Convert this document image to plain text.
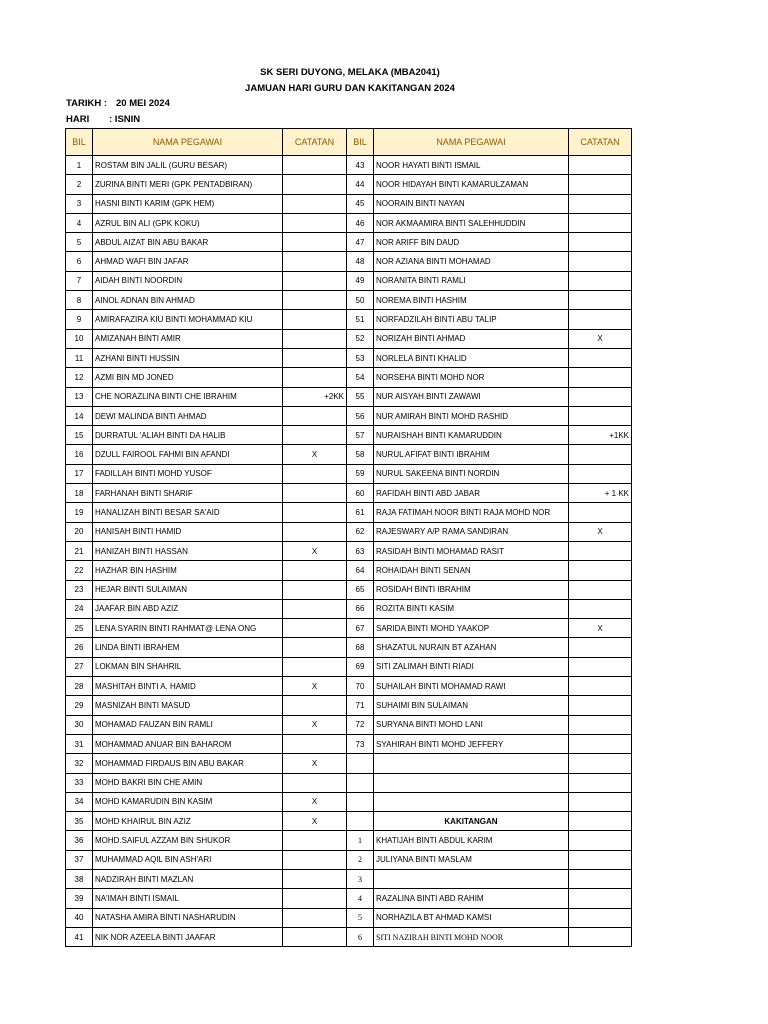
SK SERI DUYONG, MELAKA (MBA2041)
JAMUAN HARI GURU DAN KAKITANGAN 2024
TARIKH : 20 MEI 2024
HARI : ISNIN
BIL	NAMA PEGAWAI	CATATAN	BIL	NAMA PEGAWAI	CATATAN
1	ROSTAM BIN JALIL (GURU BESAR)		43	NOOR HAYATI BINTI ISMAIL	
2	ZURINA BINTI MERI (GPK PENTADBIRAN)		44	NOOR HIDAYAH BINTI KAMARULZAMAN	
3	HASNI BINTI KARIM (GPK HEM)		45	NOORAIN BINTI NAYAN	
4	AZRUL BIN ALI (GPK KOKU)		46	NOR AKMAAMIRA BINTI SALEHHUDDIN	
5	ABDUL AIZAT BIN ABU BAKAR		47	NOR ARIFF BIN DAUD	
6	AHMAD WAFI BIN JAFAR		48	NOR AZIANA BINTI MOHAMAD	
7	AIDAH BINTI NOORDIN		49	NORANITA BINTI RAMLI	
8	AINOL ADNAN BIN AHMAD		50	NOREMA BINTI HASHIM	
9	AMIRAFAZIRA KIU BINTI MOHAMMAD KIU		51	NORFADZILAH BINTI ABU TALIP	
10	AMIZANAH BINTI AMIR		52	NORIZAH BINTI AHMAD	X
11	AZHANI BINTI HUSSIN		53	NORLELA BINTI KHALID	
12	AZMI BIN MD JONED		54	NORSEHA BINTI MOHD NOR	
13	CHE NORAZLINA BINTI CHE IBRAHIM	+2KK	55	NUR AISYAH BINTI ZAWAWI	
14	DEWI MALINDA BINTI AHMAD		56	NUR AMIRAH BINTI MOHD RASHID	
15	DURRATUL 'ALIAH BINTI DA HALIB		57	NURAISHAH BINTI KAMARUDDIN	+1KK
16	DZULL FAIROOL FAHMI BIN AFANDI	X	58	NURUL AFIFAT BINTI IBRAHIM	
17	FADILLAH BINTI MOHD YUSOF		59	NURUL SAKEENA BINTI NORDIN	
18	FARHANAH BINTI SHARIF		60	RAFIDAH BINTI ABD JABAR	+ 1 KK
19	HANALIZAH BINTI BESAR SA'AID		61	RAJA FATIMAH NOOR BINTI RAJA MOHD NOR	
20	HANISAH BINTI HAMID		62	RAJESWARY A/P RAMA SANDIRAN	X
21	HANIZAH BINTI HASSAN	X	63	RASIDAH BINTI MOHAMAD RASIT	
22	HAZHAR BIN HASHIM		64	ROHAIDAH BINTI SENAN	
23	HEJAR BINTI SULAIMAN		65	ROSIDAH BINTI IBRAHIM	
24	JAAFAR BIN ABD AZIZ		66	ROZITA BINTI KASIM	
25	LENA SYARIN BINTI RAHMAT@ LENA ONG		67	SARIDA BINTI MOHD YAAKOP	X
26	LINDA BINTI IBRAHEM		68	SHAZATUL NURAIN BT AZAHAN	
27	LOKMAN BIN SHAHRIL		69	SITI ZALIMAH BINTI RIADI	
28	MASHITAH BINTI A. HAMID	X	70	SUHAILAH BINTI MOHAMAD RAWI	
29	MASNIZAH BINTI MASUD		71	SUHAIMI BIN SULAIMAN	
30	MOHAMAD FAUZAN BIN RAMLI	X	72	SURYANA BINTI MOHD LANI	
31	MOHAMMAD ANUAR BIN BAHAROM		73	SYAHIRAH BINTI MOHD JEFFERY	
32	MOHAMMAD FIRDAUS BIN ABU BAKAR	X			
33	MOHD BAKRI BIN CHE AMIN				
34	MOHD KAMARUDIN BIN KASIM	X			
35	MOHD KHAIRUL BIN AZIZ	X		KAKITANGAN	
36	MOHD.SAIFUL AZZAM BIN SHUKOR		1	KHATIJAH BINTI ABDUL KARIM	
37	MUHAMMAD AQIL BIN ASH'ARI		2	JULIYANA BINTI MASLAM	
38	NADZIRAH BINTI MAZLAN		3		
39	NA'IMAH BINTI ISMAIL		4	RAZALINA BINTI ABD RAHIM	
40	NATASHA AMIRA BINTI NASHARUDIN		5	NORHAZILA BT AHMAD KAMSI	
41	NIK NOR AZEELA BINTI JAAFAR		6	SITI NAZIRAH BINTI MOHD NOOR	
